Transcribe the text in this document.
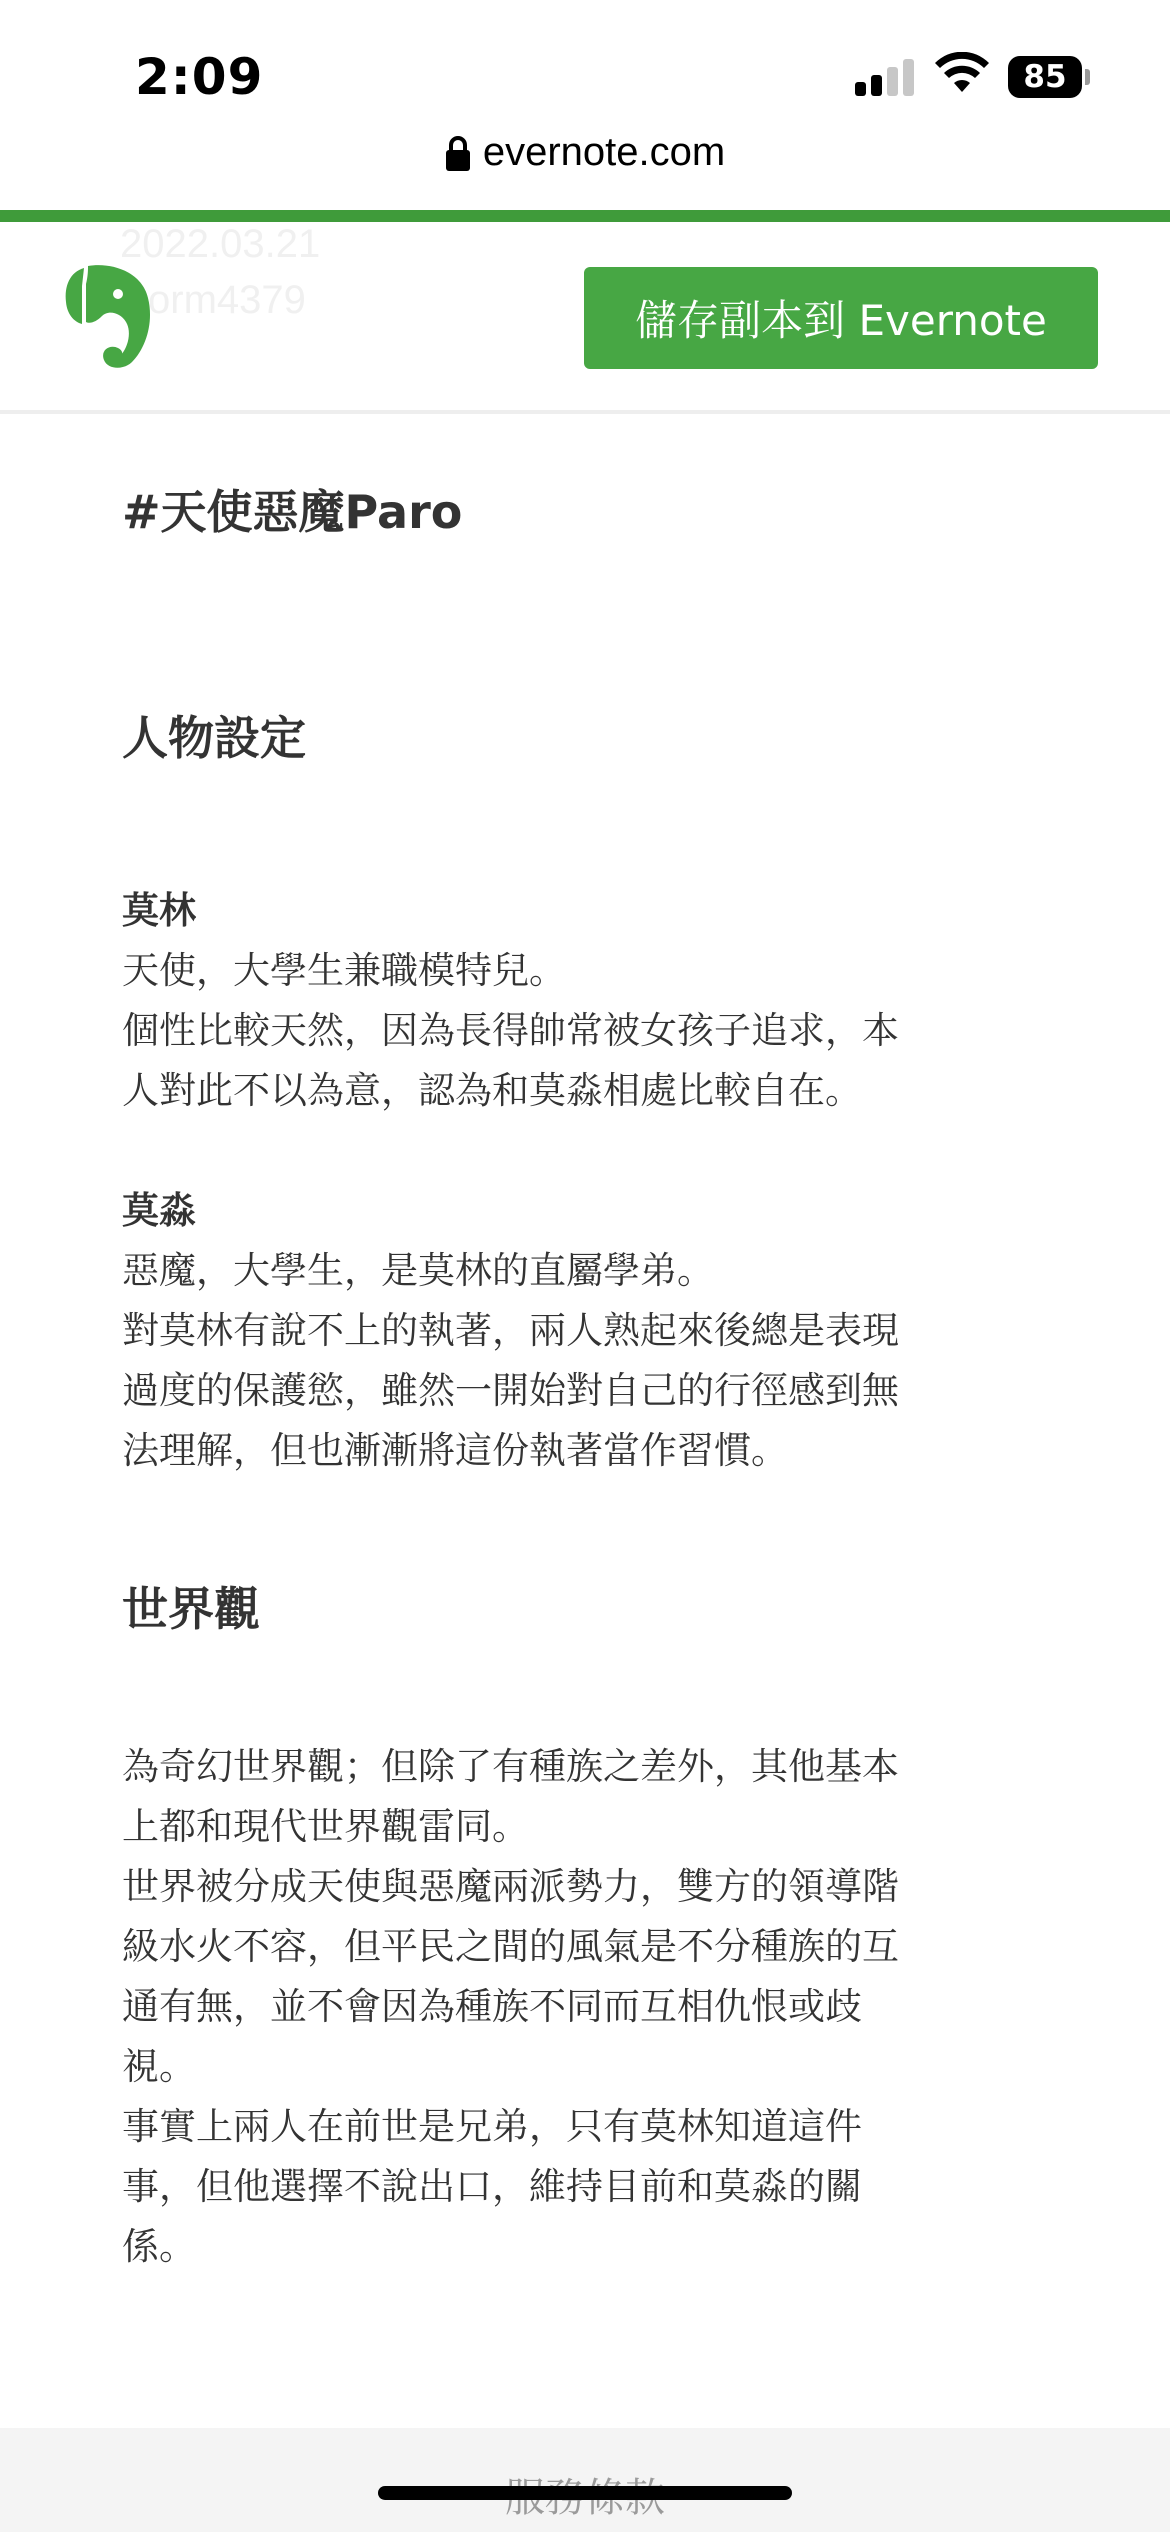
2:09	85
evernote.com
2022.03.21
orm4379	儲存副本到 Evernote
#天使惡魔Paro
人物設定
莫林
天使，大學生兼職模特兒。
個性比較天然，因為長得帥常被女孩子追求，本
人對此不以為意，認為和莫淼相處比較自在。
莫淼
惡魔，大學生，是莫林的直屬學弟。
對莫林有說不上的執著，兩人熟起來後總是表現
過度的保護慾，雖然一開始對自己的行徑感到無
法理解，但也漸漸將這份執著當作習慣。
世界觀
為奇幻世界觀；但除了有種族之差外，其他基本
上都和現代世界觀雷同。
世界被分成天使與惡魔兩派勢力，雙方的領導階
級水火不容，但平民之間的風氣是不分種族的互
通有無，並不會因為種族不同而互相仇恨或歧
視。
事實上兩人在前世是兄弟，只有莫林知道這件
事，但他選擇不說出口，維持目前和莫淼的關
係。
